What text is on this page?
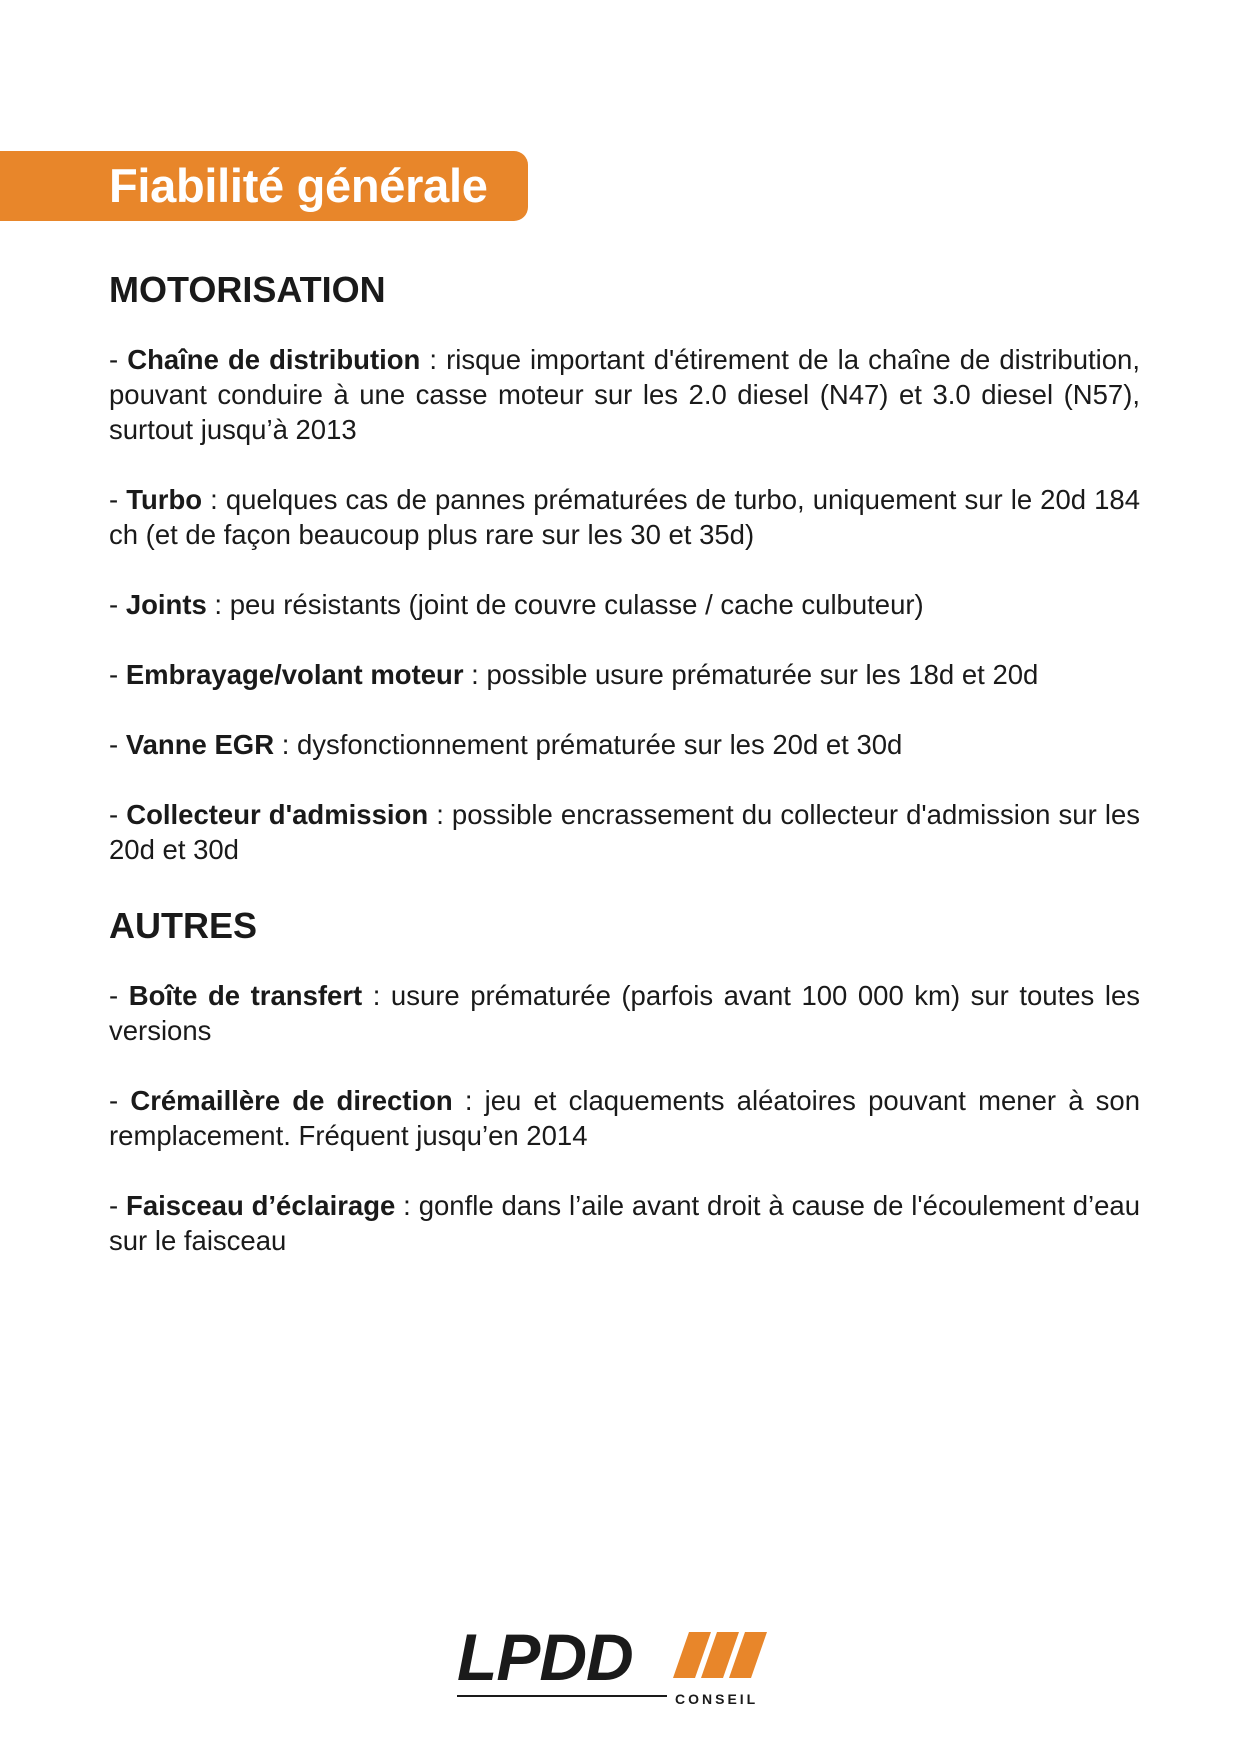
Fiabilité générale
MOTORISATION

- Chaîne de distribution : risque important d'étirement de la chaîne de distribution, pouvant conduire à une casse moteur sur les 2.0 diesel (N47) et 3.0 diesel (N57), surtout jusqu’à 2013

- Turbo : quelques cas de pannes prématurées de turbo, uniquement sur le 20d 184 ch (et de façon beaucoup plus rare sur les 30 et 35d)

- Joints : peu résistants (joint de couvre culasse / cache culbuteur)

- Embrayage/volant moteur : possible usure prématurée sur les 18d et 20d

- Vanne EGR : dysfonctionnement prématurée sur les 20d et 30d

- Collecteur d'admission : possible encrassement du collecteur d'admission sur les 20d et 30d

AUTRES

- Boîte de transfert : usure prématurée (parfois avant 100 000 km) sur toutes les versions

- Crémaillère de direction : jeu et claquements aléatoires pouvant mener à son remplacement. Fréquent jusqu’en 2014

- Faisceau d’éclairage : gonfle dans l’aile avant droit à cause de l'écoulement d’eau sur le faisceau

LPDD
CONSEIL
